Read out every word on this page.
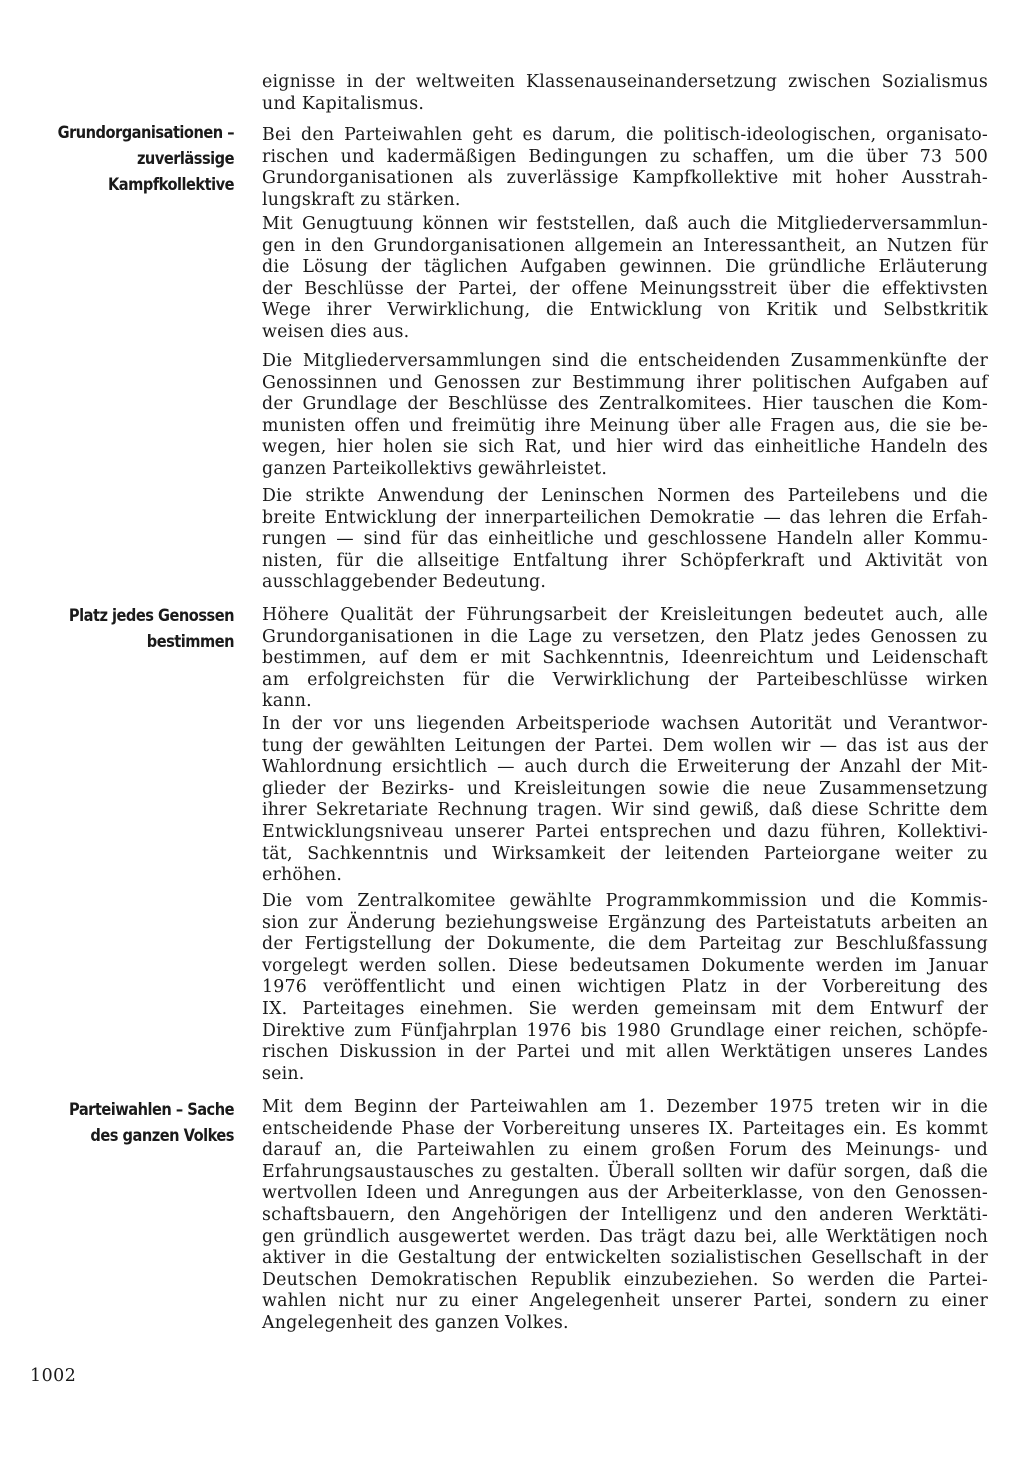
Grundorganisationen –
zuverlässige
Kampfkollektive
Platz jedes Genossen
bestimmen
Parteiwahlen – Sache
des ganzen Volkes

eignisse in der weltweiten Klassenauseinandersetzung zwischen Sozialismus

und Kapitalismus.

Bei den Parteiwahlen geht es darum, die politisch-ideologischen, organisato-

rischen und kadermäßigen Bedingungen zu schaffen, um die über 73 500

Grundorganisationen als zuverlässige Kampfkollektive mit hoher Ausstrah-

lungskraft zu stärken.

Mit Genugtuung können wir feststellen, daß auch die Mitgliederversammlun-

gen in den Grundorganisationen allgemein an Interessantheit, an Nutzen für

die Lösung der täglichen Aufgaben gewinnen. Die gründliche Erläuterung

der Beschlüsse der Partei, der offene Meinungsstreit über die effektivsten

Wege ihrer Verwirklichung, die Entwicklung von Kritik und Selbstkritik

weisen dies aus.

Die Mitgliederversammlungen sind die entscheidenden Zusammenkünfte der

Genossinnen und Genossen zur Bestimmung ihrer politischen Aufgaben auf

der Grundlage der Beschlüsse des Zentralkomitees. Hier tauschen die Kom-

munisten offen und freimütig ihre Meinung über alle Fragen aus, die sie be-

wegen, hier holen sie sich Rat, und hier wird das einheitliche Handeln des

ganzen Parteikollektivs gewährleistet.

Die strikte Anwendung der Leninschen Normen des Parteilebens und die

breite Entwicklung der innerparteilichen Demokratie — das lehren die Erfah-

rungen — sind für das einheitliche und geschlossene Handeln aller Kommu-

nisten, für die allseitige Entfaltung ihrer Schöpferkraft und Aktivität von

ausschlaggebender Bedeutung.

Höhere Qualität der Führungsarbeit der Kreisleitungen bedeutet auch, alle

Grundorganisationen in die Lage zu versetzen, den Platz jedes Genossen zu

bestimmen, auf dem er mit Sachkenntnis, Ideenreichtum und Leidenschaft

am erfolgreichsten für die Verwirklichung der Parteibeschlüsse wirken

kann.

In der vor uns liegenden Arbeitsperiode wachsen Autorität und Verantwor-

tung der gewählten Leitungen der Partei. Dem wollen wir — das ist aus der

Wahlordnung ersichtlich — auch durch die Erweiterung der Anzahl der Mit-

glieder der Bezirks- und Kreisleitungen sowie die neue Zusammensetzung

ihrer Sekretariate Rechnung tragen. Wir sind gewiß, daß diese Schritte dem

Entwicklungsniveau unserer Partei entsprechen und dazu führen, Kollektivi-

tät, Sachkenntnis und Wirksamkeit der leitenden Parteiorgane weiter zu

erhöhen.

Die vom Zentralkomitee gewählte Programmkommission und die Kommis-

sion zur Änderung beziehungsweise Ergänzung des Parteistatuts arbeiten an

der Fertigstellung der Dokumente, die dem Parteitag zur Beschlußfassung

vorgelegt werden sollen. Diese bedeutsamen Dokumente werden im Januar

1976 veröffentlicht und einen wichtigen Platz in der Vorbereitung des

IX. Parteitages einehmen. Sie werden gemeinsam mit dem Entwurf der

Direktive zum Fünfjahrplan 1976 bis 1980 Grundlage einer reichen, schöpfe-

rischen Diskussion in der Partei und mit allen Werktätigen unseres Landes

sein.

Mit dem Beginn der Parteiwahlen am 1. Dezember 1975 treten wir in die

entscheidende Phase der Vorbereitung unseres IX. Parteitages ein. Es kommt

darauf an, die Parteiwahlen zu einem großen Forum des Meinungs- und

Erfahrungsaustausches zu gestalten. Überall sollten wir dafür sorgen, daß die

wertvollen Ideen und Anregungen aus der Arbeiterklasse, von den Genossen-

schaftsbauern, den Angehörigen der Intelligenz und den anderen Werktäti-

gen gründlich ausgewertet werden. Das trägt dazu bei, alle Werktätigen noch

aktiver in die Gestaltung der entwickelten sozialistischen Gesellschaft in der

Deutschen Demokratischen Republik einzubeziehen. So werden die Partei-

wahlen nicht nur zu einer Angelegenheit unserer Partei, sondern zu einer

Angelegenheit des ganzen Volkes.

1002
